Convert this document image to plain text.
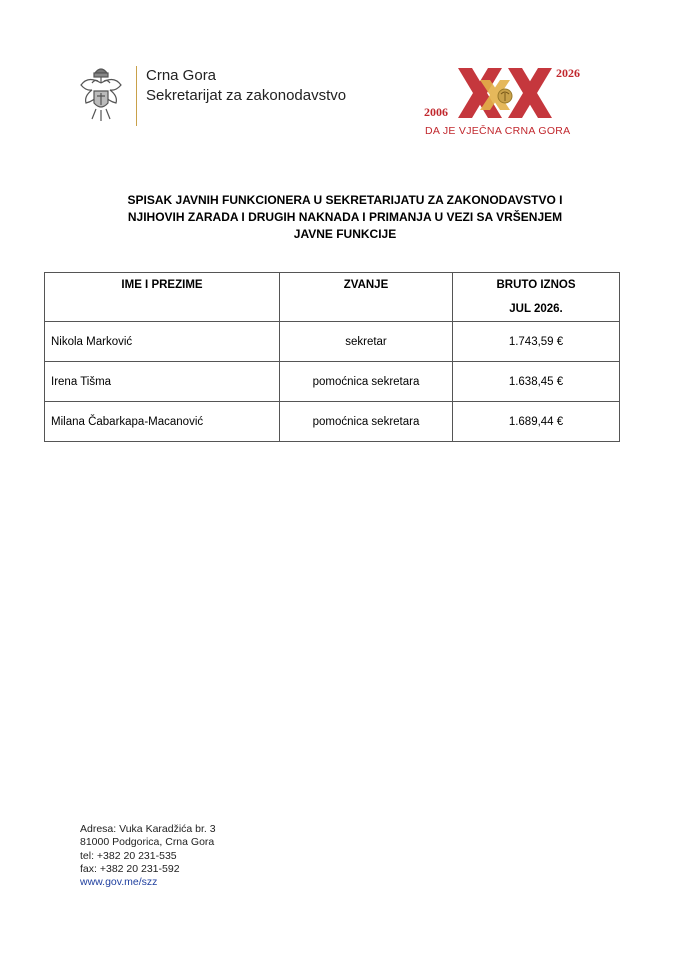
Crna Gora
Sekretarijat za zakonodavstvo
2006
2026
DA JE VJEČNA CRNA GORA
SPISAK JAVNIH FUNKCIONERA U SEKRETARIJATU ZA ZAKONODAVSTVO I
NJIHOVIH ZARADA I DRUGIH NAKNADA I PRIMANJA U VEZI SA VRŠENJEM
JAVNE FUNKCIJE
IME I PREZIME	ZVANJE	BRUTO IZNOS
JUL 2026.

Nikola Marković	sekretar	1.743,59 €
Irena Tišma	pomoćnica sekretara	1.638,45 €
Milana Čabarkapa-Macanović	pomoćnica sekretara	1.689,44 €
Adresa: Vuka Karadžića br. 3
81000 Podgorica, Crna Gora
tel: +382 20 231-535
fax: +382 20 231-592
www.gov.me/szz
